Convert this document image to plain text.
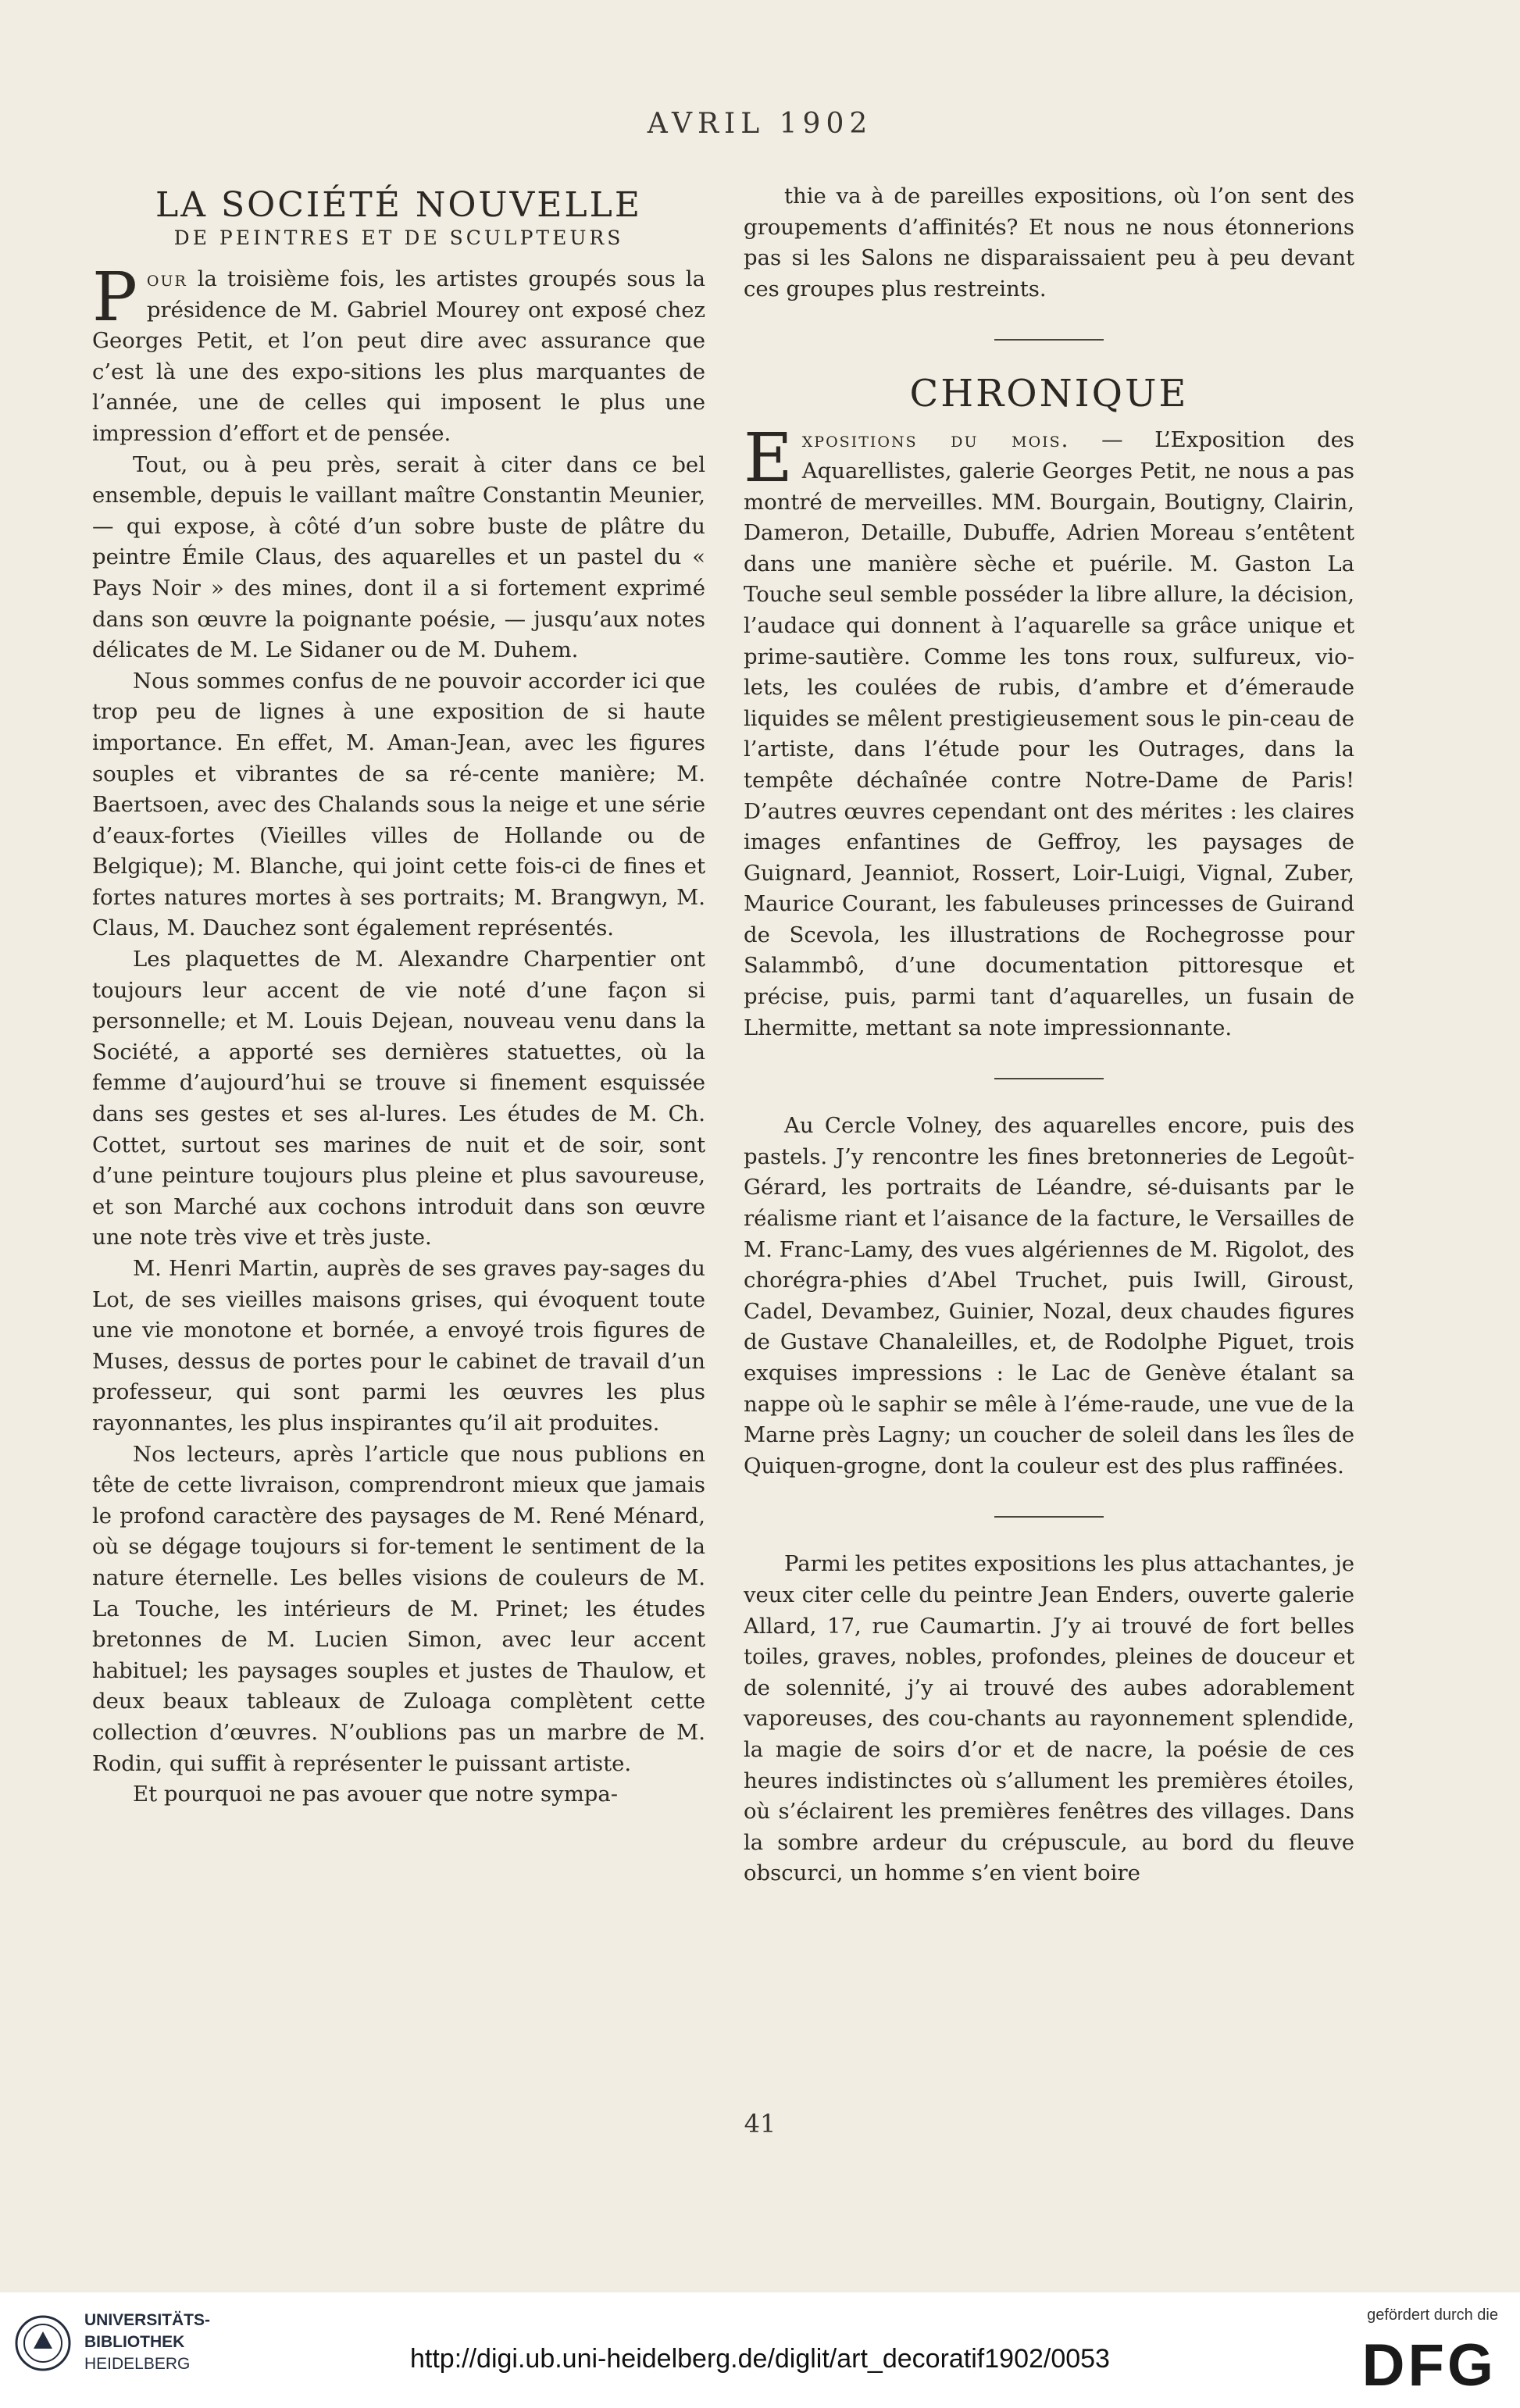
AVRIL 1902
LA SOCIÉTÉ NOUVELLE
DE PEINTRES ET DE SCULPTEURS

Pour la troisième fois, les artistes groupés sous la présidence de M. Gabriel Mourey ont exposé chez Georges Petit, et l’on peut dire avec assurance que c’est là une des expo-sitions les plus marquantes de l’année, une de celles qui imposent le plus une impression d’effort et de pensée.

Tout, ou à peu près, serait à citer dans ce bel ensemble, depuis le vaillant maître Constantin Meunier, — qui expose, à côté d’un sobre buste de plâtre du peintre Émile Claus, des aquarelles et un pastel du « Pays Noir » des mines, dont il a si fortement exprimé dans son œuvre la poignante poésie, — jusqu’aux notes délicates de M. Le Sidaner ou de M. Duhem.

Nous sommes confus de ne pouvoir accorder ici que trop peu de lignes à une exposition de si haute importance. En effet, M. Aman-Jean, avec les figures souples et vibrantes de sa ré-cente manière; M. Baertsoen, avec des Chalands sous la neige et une série d’eaux-fortes (Vieilles villes de Hollande ou de Belgique); M. Blanche, qui joint cette fois-ci de fines et fortes natures mortes à ses portraits; M. Brangwyn, M. Claus, M. Dauchez sont également représentés.

Les plaquettes de M. Alexandre Charpentier ont toujours leur accent de vie noté d’une façon si personnelle; et M. Louis Dejean, nouveau venu dans la Société, a apporté ses dernières statuettes, où la femme d’aujourd’hui se trouve si finement esquissée dans ses gestes et ses al-lures. Les études de M. Ch. Cottet, surtout ses marines de nuit et de soir, sont d’une peinture toujours plus pleine et plus savoureuse, et son Marché aux cochons introduit dans son œuvre une note très vive et très juste.

M. Henri Martin, auprès de ses graves pay-sages du Lot, de ses vieilles maisons grises, qui évoquent toute une vie monotone et bornée, a envoyé trois figures de Muses, dessus de portes pour le cabinet de travail d’un professeur, qui sont parmi les œuvres les plus rayonnantes, les plus inspirantes qu’il ait produites.

Nos lecteurs, après l’article que nous publions en tête de cette livraison, comprendront mieux que jamais le profond caractère des paysages de M. René Ménard, où se dégage toujours si for-tement le sentiment de la nature éternelle. Les belles visions de couleurs de M. La Touche, les intérieurs de M. Prinet; les études bretonnes de M. Lucien Simon, avec leur accent habituel; les paysages souples et justes de Thaulow, et deux beaux tableaux de Zuloaga complètent cette collection d’œuvres. N’oublions pas un marbre de M. Rodin, qui suffit à représenter le puissant artiste.

Et pourquoi ne pas avouer que notre sympa-

thie va à de pareilles expositions, où l’on sent des groupements d’affinités? Et nous ne nous étonnerions pas si les Salons ne disparaissaient peu à peu devant ces groupes plus restreints.

CHRONIQUE

Expositions du mois. — L’Exposition des Aquarellistes, galerie Georges Petit, ne nous a pas montré de merveilles. MM. Bourgain, Boutigny, Clairin, Dameron, Detaille, Dubuffe, Adrien Moreau s’entêtent dans une manière sèche et puérile. M. Gaston La Touche seul semble posséder la libre allure, la décision, l’audace qui donnent à l’aquarelle sa grâce unique et prime-sautière. Comme les tons roux, sulfureux, vio-lets, les coulées de rubis, d’ambre et d’émeraude liquides se mêlent prestigieusement sous le pin-ceau de l’artiste, dans l’étude pour les Outrages, dans la tempête déchaînée contre Notre-Dame de Paris! D’autres œuvres cependant ont des mérites : les claires images enfantines de Geffroy, les paysages de Guignard, Jeanniot, Rossert, Loir-Luigi, Vignal, Zuber, Maurice Courant, les fabuleuses princesses de Guirand de Scevola, les illustrations de Rochegrosse pour Salammbô, d’une documentation pittoresque et précise, puis, parmi tant d’aquarelles, un fusain de Lhermitte, mettant sa note impressionnante.

Au Cercle Volney, des aquarelles encore, puis des pastels. J’y rencontre les fines bretonneries de Legoût-Gérard, les portraits de Léandre, sé-duisants par le réalisme riant et l’aisance de la facture, le Versailles de M. Franc-Lamy, des vues algériennes de M. Rigolot, des chorégra-phies d’Abel Truchet, puis Iwill, Giroust, Cadel, Devambez, Guinier, Nozal, deux chaudes figures de Gustave Chanaleilles, et, de Rodolphe Piguet, trois exquises impressions : le Lac de Genève étalant sa nappe où le saphir se mêle à l’éme-raude, une vue de la Marne près Lagny; un coucher de soleil dans les îles de Quiquen-grogne, dont la couleur est des plus raffinées.

Parmi les petites expositions les plus attachantes, je veux citer celle du peintre Jean Enders, ouverte galerie Allard, 17, rue Caumartin. J’y ai trouvé de fort belles toiles, graves, nobles, profondes, pleines de douceur et de solennité, j’y ai trouvé des aubes adorablement vaporeuses, des cou-chants au rayonnement splendide, la magie de soirs d’or et de nacre, la poésie de ces heures indistinctes où s’allument les premières étoiles, où s’éclairent les premières fenêtres des villages. Dans la sombre ardeur du crépuscule, au bord du fleuve obscurci, un homme s’en vient boire

41
UNIVERSITÄTS-
BIBLIOTHEK
HEIDELBERG	http://digi.ub.uni-heidelberg.de/diglit/art_decoratif1902/0053
gefördert durch die
DFG
